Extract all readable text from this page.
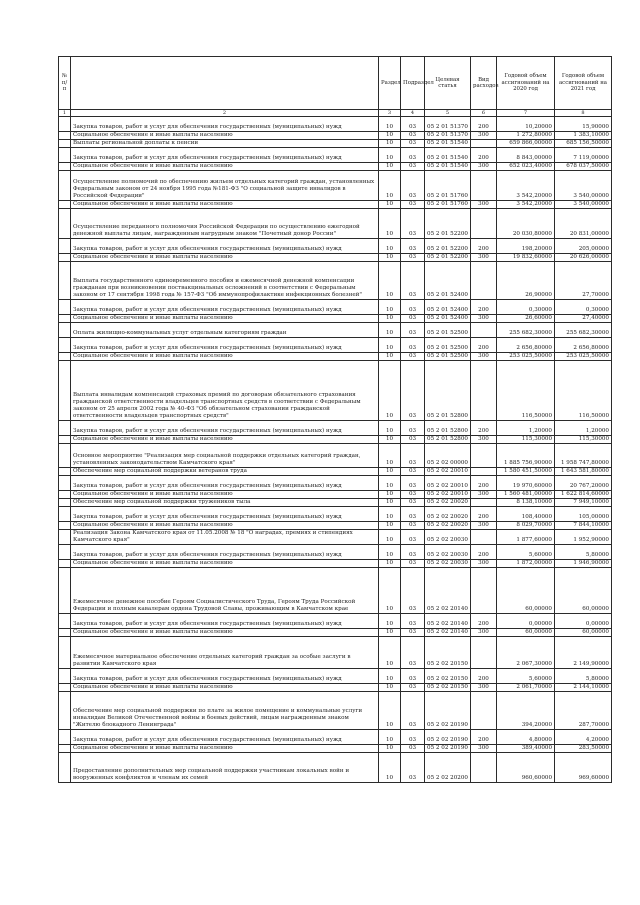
№ п/п		Раздел	Подраздел	Целевая статья	Вид расходов	Годовой объем ассигнований на 2020 год	Годовой объем ассигнований на 2021 год
1	2	3	4	5	6	7	8
	Закупка товаров, работ и услуг для обеспечения государственных (муниципальных) нужд	10	03	05 2 01 51370	200	10,20000	15,90000
	Социальное обеспечение и иные выплаты населению	10	03	05 2 01 51370	300	1 272,80000	1 383,10000
	Выплаты региональной доплаты к пенсии	10	03	05 2 01 51540		659 866,00000	685 156,50000
	Закупка товаров, работ и услуг для обеспечения государственных (муниципальных) нужд	10	03	05 2 01 51540	200	8 843,00000	7 119,00000
	Социальное обеспечение и иные выплаты населению	10	03	05 2 01 51540	300	652 023,40000	678 037,50000
	Осуществление полномочий по обеспечению жильем отдельных категорий граждан, установленных Федеральным законом от 24 ноября 1995 года №181-ФЗ "О социальной защите инвалидов в Российской Федерации"	10	03	05 2 01 51760		3 542,20000	3 540,00000
	Социальное обеспечение и иные выплаты населению	10	03	05 2 01 51760	300	3 542,20000	3 540,00000
	Осуществление переданного полномочия Российской Федерации по осуществлению ежегодной денежной выплаты лицам, награжденным нагрудным знаком "Почетный донор России"	10	03	05 2 01 52200		20 030,80000	20 831,00000
	Закупка товаров, работ и услуг для обеспечения государственных (муниципальных) нужд	10	03	05 2 01 52200	200	198,20000	205,00000
	Социальное обеспечение и иные выплаты населению	10	03	05 2 01 52200	300	19 832,60000	20 626,00000
	Выплата государственного единовременного пособия и ежемесячной денежной компенсации гражданам при возникновении поствакцинальных осложнений в соответствии с Федеральным законом от 17 сентября 1998 года № 157-ФЗ "Об иммунопрофилактике инфекционных болезней"	10	03	05 2 01 52400		26,90000	27,70000
	Закупка товаров, работ и услуг для обеспечения государственных (муниципальных) нужд	10	03	05 2 01 52400	200	0,30000	0,30000
	Социальное обеспечение и иные выплаты населению	10	03	05 2 01 52400	300	26,60000	27,40000
	Оплата жилищно-коммунальных услуг отдельным категориям граждан	10	03	05 2 01 52500		255 682,30000	255 682,30000
	Закупка товаров, работ и услуг для обеспечения государственных (муниципальных) нужд	10	03	05 2 01 52500	200	2 656,80000	2 656,80000
	Социальное обеспечение и иные выплаты населению	10	03	05 2 01 52500	300	253 025,50000	253 025,50000
	Выплата инвалидам компенсаций страховых премий по договорам обязательного страхования гражданской ответственности владельцев транспортных средств в соответствии с Федеральным законом от 25 апреля 2002 года № 40-ФЗ "Об обязательном страховании гражданской ответственности владельцев транспортных средств"	10	03	05 2 01 52800		116,50000	116,50000
	Закупка товаров, работ и услуг для обеспечения государственных (муниципальных) нужд	10	03	05 2 01 52800	200	1,20000	1,20000
	Социальное обеспечение и иные выплаты населению	10	03	05 2 01 52800	300	115,30000	115,30000
	Основное мероприятие "Реализация мер социальной поддержки отдельных категорий граждан, установленных законодательством Камчатского края"	10	03	05 2 02 00000		1 885 756,90000	1 958 747,80000
	Обеспечение мер социальной поддержки ветеранов труда	10	03	05 2 02 20010		1 580 451,50000	1 643 581,80000
	Закупка товаров, работ и услуг для обеспечения государственных (муниципальных) нужд	10	03	05 2 02 20010	200	19 970,60000	20 767,20000
	Социальное обеспечение и иные выплаты населению	10	03	05 2 02 20010	300	1 560 481,00000	1 622 814,60000
	Обеспечение мер социальной поддержки тружеников тыла	10	03	05 2 02 20020		8 138,10000	7 949,10000
	Закупка товаров, работ и услуг для обеспечения государственных (муниципальных) нужд	10	03	05 2 02 20020	200	108,40000	105,00000
	Социальное обеспечение и иные выплаты населению	10	03	05 2 02 20020	300	8 029,70000	7 844,10000
	Реализация Закона Камчатского края от 11.05.2008 № 18 "О наградах, премиях и стипендиях Камчатского края"	10	03	05 2 02 20030		1 877,60000	1 952,90000
	Закупка товаров, работ и услуг для обеспечения государственных (муниципальных) нужд	10	03	05 2 02 20030	200	5,60000	5,80000
	Социальное обеспечение и иные выплаты населению	10	03	05 2 02 20030	300	1 872,00000	1 946,90000
	Ежемесячное денежное пособие Героям Социалистического Труда, Героям Труда Российской Федерации и полным кавалерам ордена Трудовой Славы, проживающим в Камчатском крае	10	03	05 2 02 20140		60,00000	60,00000
	Закупка товаров, работ и услуг для обеспечения государственных (муниципальных) нужд	10	03	05 2 02 20140	200	0,00000	0,00000
	Социальное обеспечение и иные выплаты населению	10	03	05 2 02 20140	300	60,00000	60,00000
	Ежемесячное материальное обеспечение отдельных категорий граждан за особые заслуги в развитии Камчатского края	10	03	05 2 02 20150		2 067,30000	2 149,90000
	Закупка товаров, работ и услуг для обеспечения государственных (муниципальных) нужд	10	03	05 2 02 20150	200	5,60000	5,80000
	Социальное обеспечение и иные выплаты населению	10	03	05 2 02 20150	300	2 061,70000	2 144,10000
	Обеспечение мер социальной поддержки по плате за жилое помещение и коммунальные услуги инвалидам Великой Отечественной войны и боевых действий, лицам награжденным знаком "Жителю блокадного Ленинграда"	10	03	05 2 02 20190		394,20000	287,70000
	Закупка товаров, работ и услуг для обеспечения государственных (муниципальных) нужд	10	03	05 2 02 20190	200	4,80000	4,20000
	Социальное обеспечение и иные выплаты населению	10	03	05 2 02 20190	300	389,40000	283,50000
	Предоставление дополнительных мер социальной поддержки участникам локальных войн и вооруженных конфликтов и членам их семей	10	03	05 2 02 20200		960,60000	969,60000
